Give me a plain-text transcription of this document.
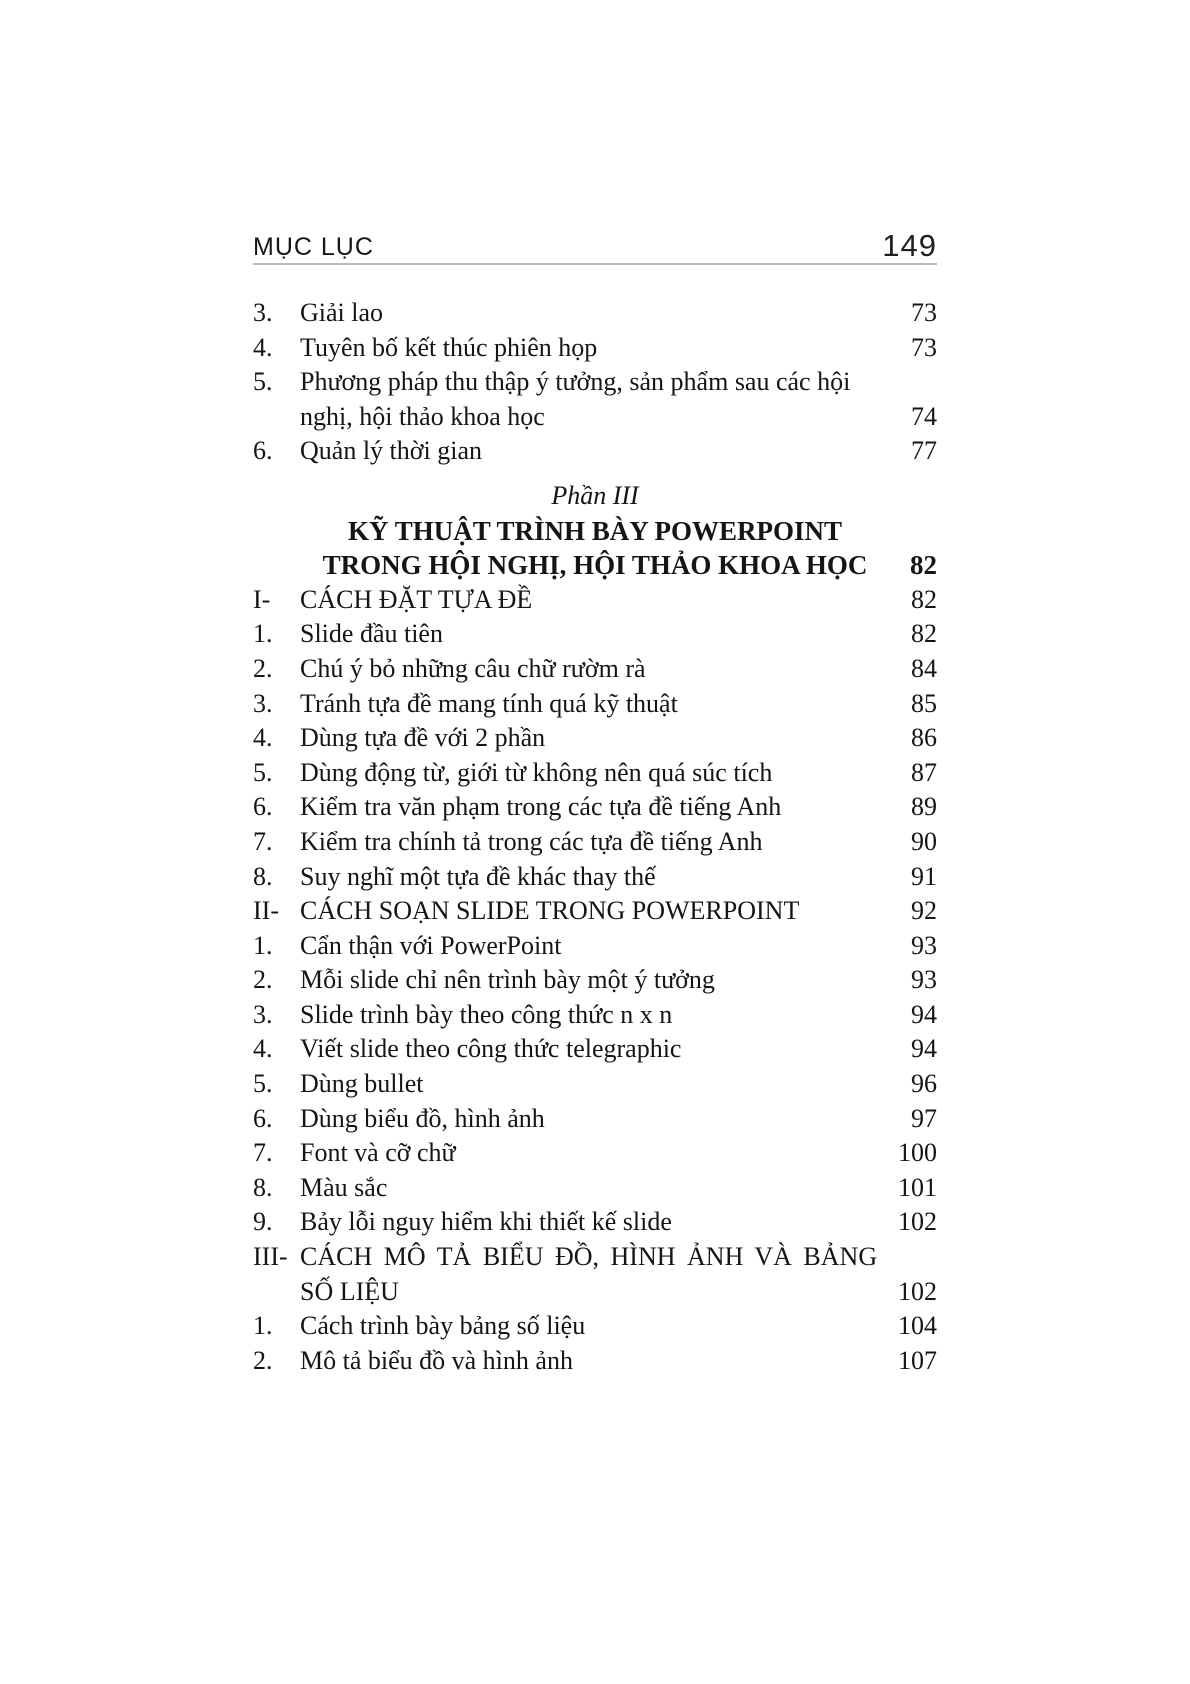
MỤC LỤC	149
3.	Giải lao	73
4.	Tuyên bố kết thúc phiên họp	73
5.	Phương pháp thu thập ý tưởng, sản phẩm sau các hội
nghị, hội thảo khoa học	74
6.	Quản lý thời gian	77
Phần III
KỸ THUẬT TRÌNH BÀY POWERPOINT
TRONG HỘI NGHỊ, HỘI THẢO KHOA HỌC	82
I-	CÁCH ĐẶT TỰA ĐỀ	82
1.	Slide đầu tiên	82
2.	Chú ý bỏ những câu chữ rườm rà	84
3.	Tránh tựa đề mang tính quá kỹ thuật	85
4.	Dùng tựa đề với 2 phần	86
5.	Dùng động từ, giới từ không nên quá súc tích	87
6.	Kiểm tra văn phạm trong các tựa đề tiếng Anh	89
7.	Kiểm tra chính tả trong các tựa đề tiếng Anh	90
8.	Suy nghĩ một tựa đề khác thay thế	91
II- CÁCH SOẠN SLIDE TRONG POWERPOINT	92
1.	Cẩn thận với PowerPoint	93
2.	Mỗi slide chỉ nên trình bày một ý tưởng	93
3.	Slide trình bày theo công thức n x n	94
4.	Viết slide theo công thức telegraphic	94
5.	Dùng bullet	96
6.	Dùng biểu đồ, hình ảnh	97
7.	Font và cỡ chữ	100
8.	Màu sắc	101
9.	Bảy lỗi nguy hiểm khi thiết kế slide	102
III- CÁCH MÔ TẢ BIỂU ĐỒ, HÌNH ẢNH VÀ BẢNG
SỐ LIỆU	102
1.	Cách trình bày bảng số liệu	104
2.	Mô tả biểu đồ và hình ảnh	107
